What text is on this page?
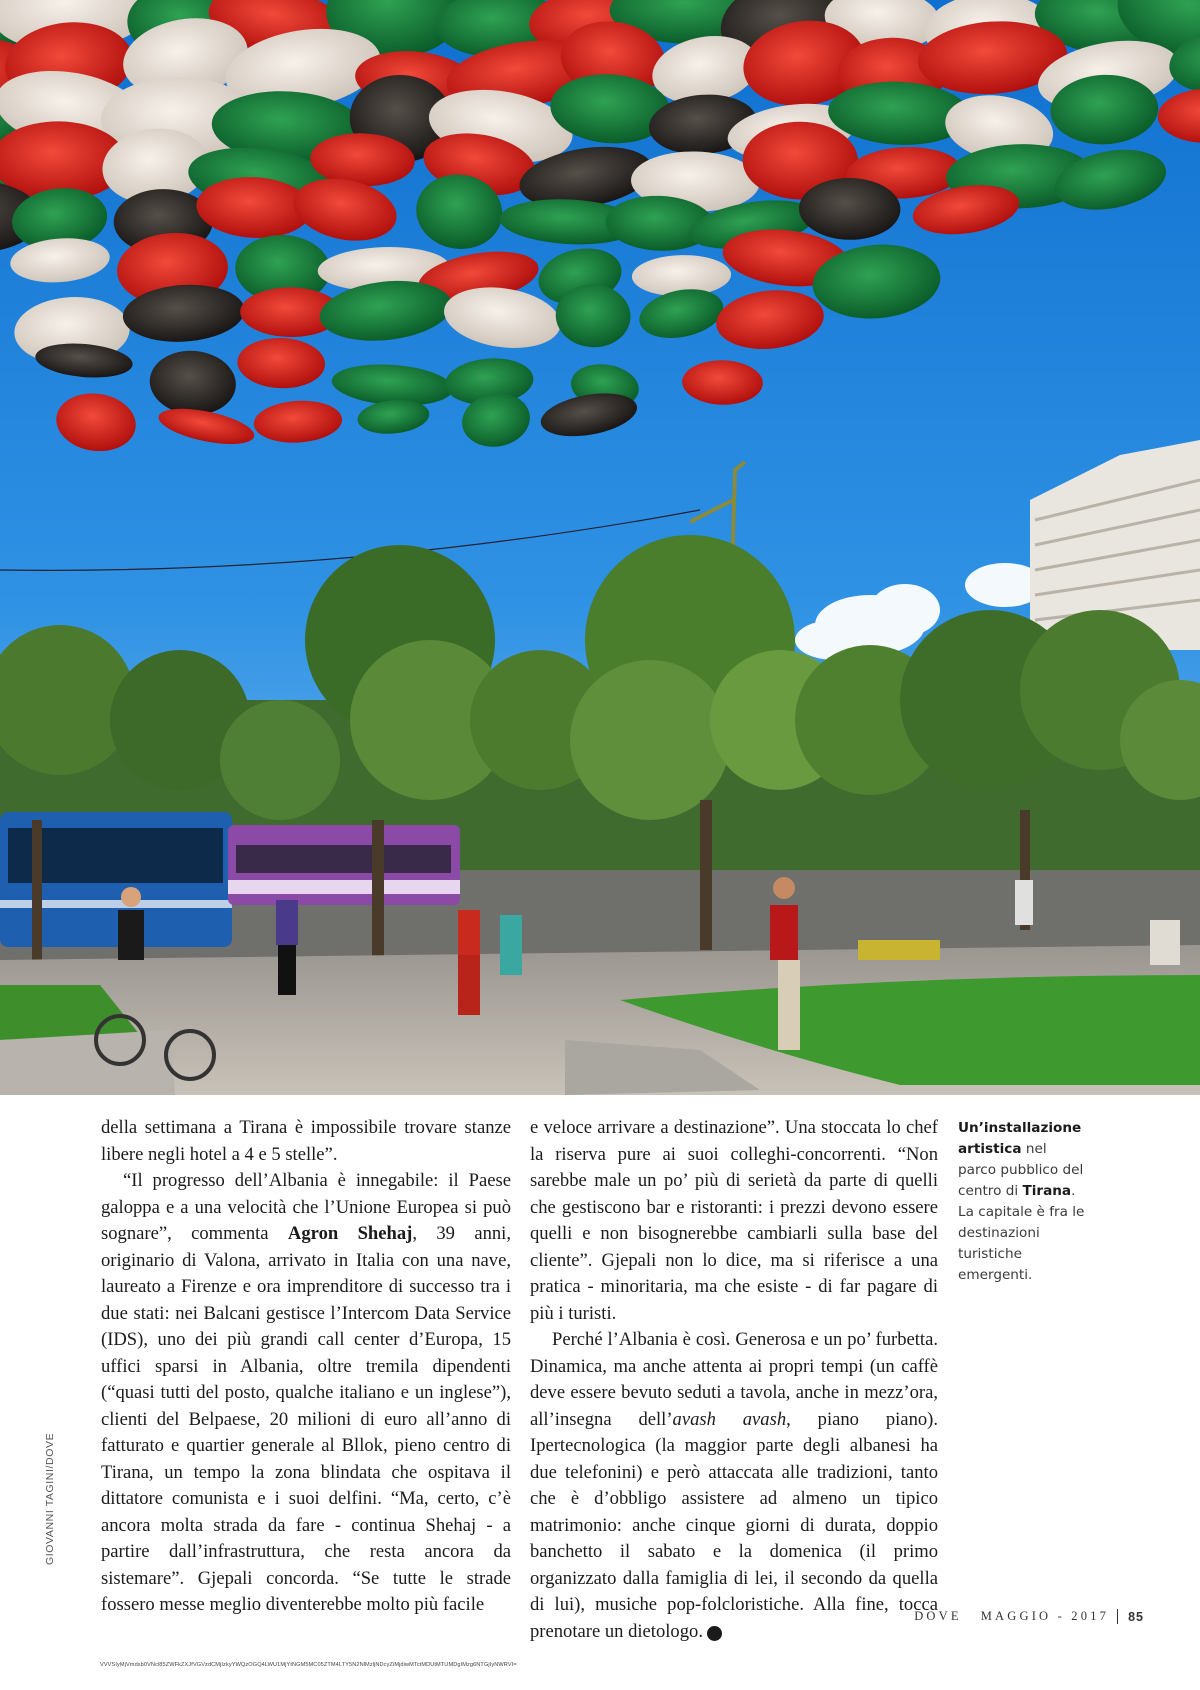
della settimana a Tirana è impossibile trovare stanze libere negli hotel a 4 e 5 stelle”.

“Il progresso dell’Albania è innegabile: il Paese galoppa e a una velocità che l’Unione Europea si può sognare”, commenta Agron Shehaj, 39 anni, originario di Valona, arrivato in Italia con una nave, laureato a Firenze e ora imprenditore di successo tra i due stati: nei Balcani gestisce l’Intercom Data Service (IDS), uno dei più grandi call center d’Europa, 15 uffici sparsi in Albania, oltre tremila dipendenti (“quasi tutti del posto, qualche italiano e un inglese”), clienti del Belpaese, 20 milioni di euro all’anno di fatturato e quartier generale al Bllok, pieno centro di Tirana, un tempo la zona blindata che ospitava il dittatore comunista e i suoi delfini. “Ma, certo, c’è ancora molta strada da fare - continua Shehaj - a partire dall’infrastruttura, che resta ancora da sistemare”. Gjepali concorda. “Se tutte le strade fossero messe meglio diventerebbe molto più facile

e veloce arrivare a destinazione”. Una stoccata lo chef la riserva pure ai suoi colleghi-concorrenti. “Non sarebbe male un po’ più di serietà da parte di quelli che gestiscono bar e ristoranti: i prezzi devono essere quelli e non bisognerebbe cambiarli sulla base del cliente”. Gjepali non lo dice, ma si riferisce a una pratica - minoritaria, ma che esiste - di far pagare di più i turisti.

Perché l’Albania è così. Generosa e un po’ furbetta. Dinamica, ma anche attenta ai propri tempi (un caffè deve essere bevuto seduti a tavola, anche in mezz’ora, all’insegna dell’avash avash, piano piano). Ipertecnologica (la maggior parte degli albanesi ha due telefonini) e però attaccata alle tradizioni, tanto che è d’obbligo assistere ad almeno un tipico matrimonio: anche cinque giorni di durata, doppio banchetto il sabato e la domenica (il primo organizzato dalla famiglia di lei, il secondo da quella di lui), musiche pop-folcloristiche. Alla fine, tocca prenotare un dietologo.	D

Un’installazione artistica nel parco pubblico del centro di Tirana. La capitale è fra le destinazioni turistiche emergenti.
GIOVANNI TAGINI/DOVE
DOVE   MAGGIO - 2017 85
VVVSIyMjVmdsb0VNcl85ZWFkZXJfVGVzdCMjIzkyYWQzOGQ4LWU1MjYtNGM5MC05ZTM4LTY5N2NlMzljNDcyZiMjdiwMTctMDUtMTUMDgIMzg6NTGjIyNWRVI=
